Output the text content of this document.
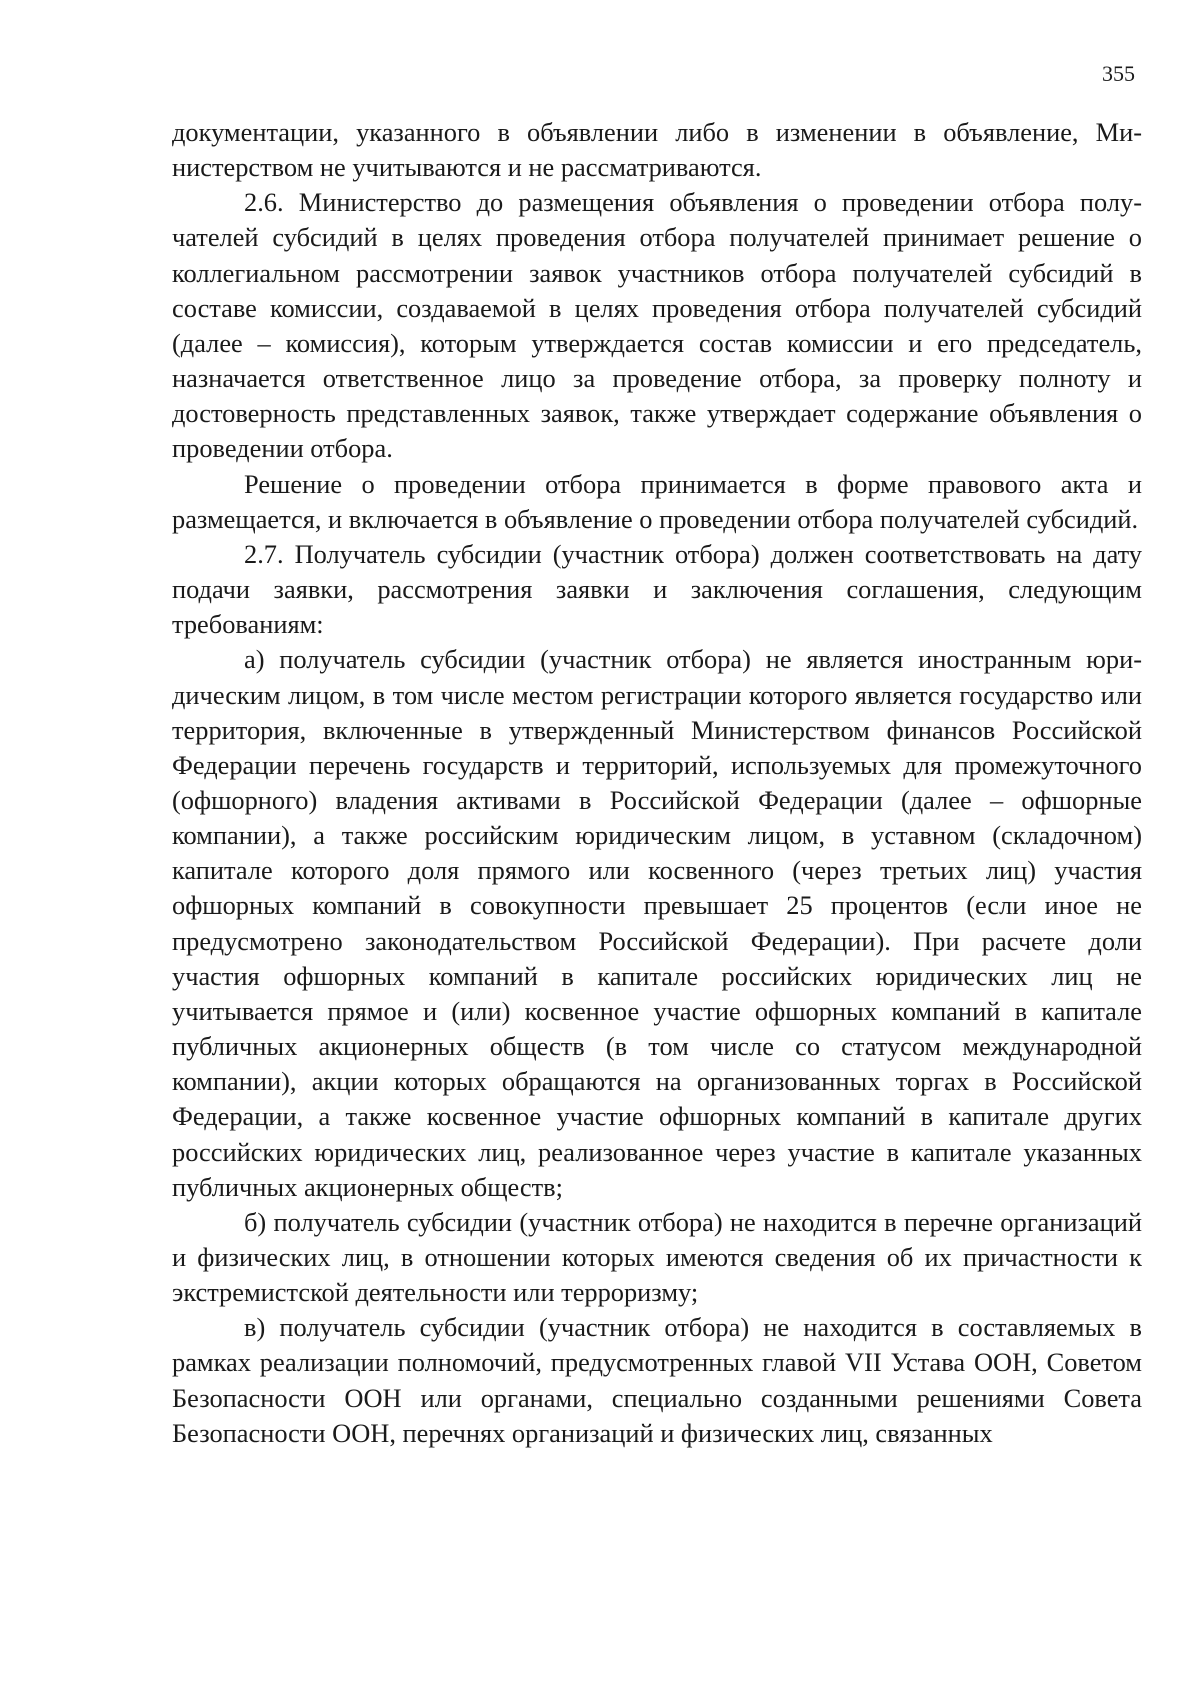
355

документации, указанного в объявлении либо в изменении в объявление, Министерством не учитываются и не рассматриваются.

2.6. Министерство до размещения объявления о проведении отбора получателей субсидий в целях проведения отбора получателей принимает решение о коллегиальном рассмотрении заявок участников отбора получателей субсидий в составе комиссии, создаваемой в целях проведения отбора получателей субсидий (далее – комиссия), которым утверждается состав комиссии и его председатель, назначается ответственное лицо за проведение отбора, за проверку полноту и достоверность представленных заявок, также утверждает содержание объявления о проведении отбора.

Решение о проведении отбора принимается в форме правового акта и размещается, и включается в объявление о проведении отбора получателей субсидий.

2.7. Получатель субсидии (участник отбора) должен соответствовать на дату подачи заявки, рассмотрения заявки и заключения соглашения, следующим требованиям:

а) получатель субсидии (участник отбора) не является иностранным юридическим лицом, в том числе местом регистрации которого является государство или территория, включенные в утвержденный Министерством финансов Российской Федерации перечень государств и территорий, используемых для промежуточного (офшорного) владения активами в Российской Федерации (далее – офшорные компании), а также российским юридическим лицом, в уставном (складочном) капитале которого доля прямого или косвенного (через третьих лиц) участия офшорных компаний в совокупности превышает 25 процентов (если иное не предусмотрено законодательством Российской Федерации). При расчете доли участия офшорных компаний в капитале российских юридических лиц не учитывается прямое и (или) косвенное участие офшорных компаний в капитале публичных акционерных обществ (в том числе со статусом международной компании), акции которых обращаются на организованных торгах в Российской Федерации, а также косвенное участие офшорных компаний в капитале других российских юридических лиц, реализованное через участие в капитале указанных публичных акционерных обществ;

б) получатель субсидии (участник отбора) не находится в перечне организаций и физических лиц, в отношении которых имеются сведения об их причастности к экстремистской деятельности или терроризму;

в) получатель субсидии (участник отбора) не находится в составляемых в рамках реализации полномочий, предусмотренных главой VII Устава ООН, Советом Безопасности ООН или органами, специально созданными решениями Совета Безопасности ООН, перечнях организаций и физических лиц, связанных
